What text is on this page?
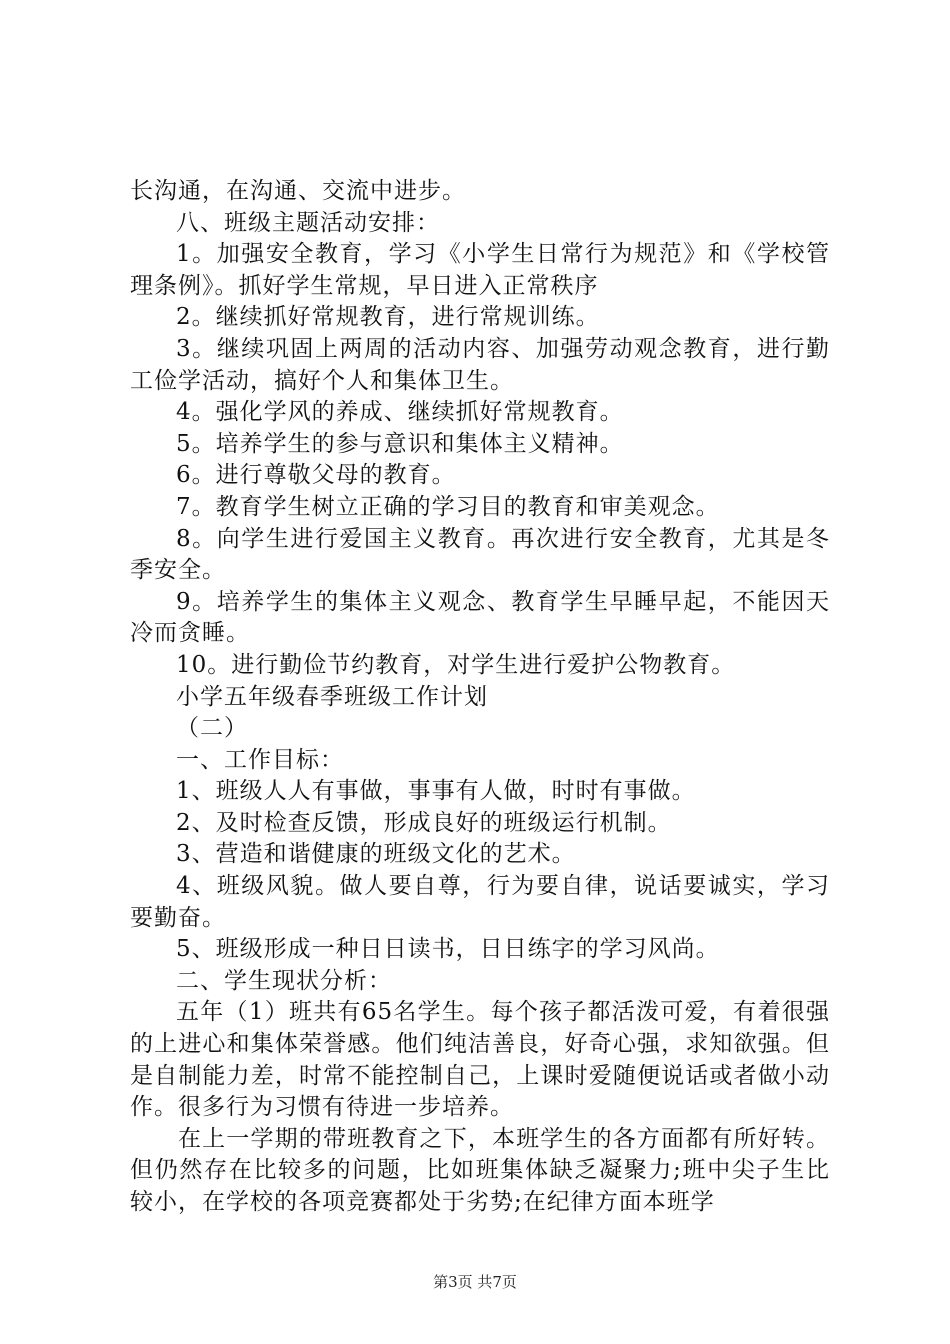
长沟通，在沟通、交流中进步。

八、班级主题活动安排：

1。加强安全教育，学习《小学生日常行为规范》和《学校管理条例》。抓好学生常规，早日进入正常秩序

2。继续抓好常规教育，进行常规训练。

3。继续巩固上两周的活动内容、加强劳动观念教育，进行勤工俭学活动，搞好个人和集体卫生。

4。强化学风的养成、继续抓好常规教育。

5。培养学生的参与意识和集体主义精神。

6。进行尊敬父母的教育。

7。教育学生树立正确的学习目的教育和审美观念。

8。向学生进行爱国主义教育。再次进行安全教育，尤其是冬季安全。

9。培养学生的集体主义观念、教育学生早睡早起，不能因天冷而贪睡。

10。进行勤俭节约教育，对学生进行爱护公物教育。

小学五年级春季班级工作计划

（二）

一、工作目标：

1、班级人人有事做，事事有人做，时时有事做。

2、及时检查反馈，形成良好的班级运行机制。

3、营造和谐健康的班级文化的艺术。

4、班级风貌。做人要自尊，行为要自律，说话要诚实，学习要勤奋。

5、班级形成一种日日读书，日日练字的学习风尚。

二、学生现状分析：

五年（1）班共有65名学生。每个孩子都活泼可爱，有着很强的上进心和集体荣誉感。他们纯洁善良，好奇心强，求知欲强。但是自制能力差，时常不能控制自己，上课时爱随便说话或者做小动作。很多行为习惯有待进一步培养。

在上一学期的带班教育之下，本班学生的各方面都有所好转。但仍然存在比较多的问题，比如班集体缺乏凝聚力;班中尖子生比较小，在学校的各项竞赛都处于劣势;在纪律方面本班学

第3页 共7页
